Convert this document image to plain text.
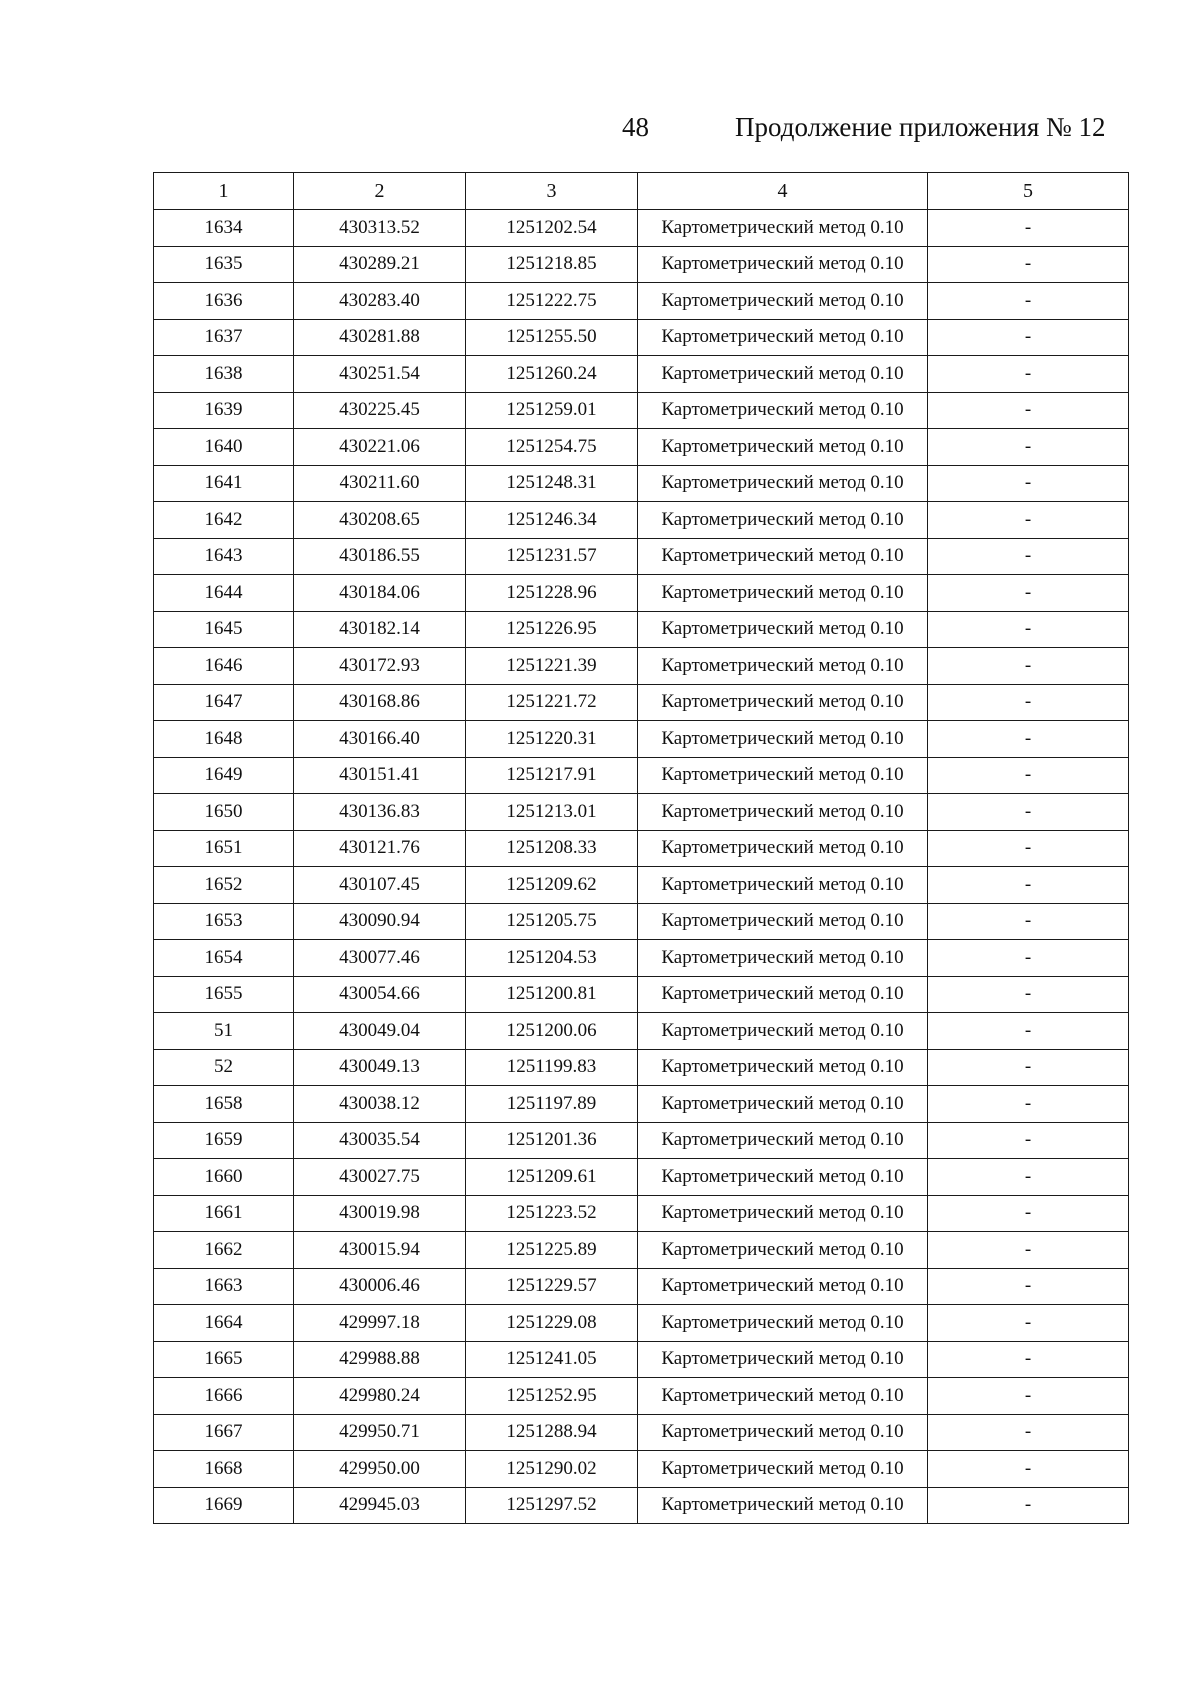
48	Продолжение приложения № 12
1	2	3	4	5
1634	430313.52	1251202.54	Картометрический метод 0.10	-
1635	430289.21	1251218.85	Картометрический метод 0.10	-
1636	430283.40	1251222.75	Картометрический метод 0.10	-
1637	430281.88	1251255.50	Картометрический метод 0.10	-
1638	430251.54	1251260.24	Картометрический метод 0.10	-
1639	430225.45	1251259.01	Картометрический метод 0.10	-
1640	430221.06	1251254.75	Картометрический метод 0.10	-
1641	430211.60	1251248.31	Картометрический метод 0.10	-
1642	430208.65	1251246.34	Картометрический метод 0.10	-
1643	430186.55	1251231.57	Картометрический метод 0.10	-
1644	430184.06	1251228.96	Картометрический метод 0.10	-
1645	430182.14	1251226.95	Картометрический метод 0.10	-
1646	430172.93	1251221.39	Картометрический метод 0.10	-
1647	430168.86	1251221.72	Картометрический метод 0.10	-
1648	430166.40	1251220.31	Картометрический метод 0.10	-
1649	430151.41	1251217.91	Картометрический метод 0.10	-
1650	430136.83	1251213.01	Картометрический метод 0.10	-
1651	430121.76	1251208.33	Картометрический метод 0.10	-
1652	430107.45	1251209.62	Картометрический метод 0.10	-
1653	430090.94	1251205.75	Картометрический метод 0.10	-
1654	430077.46	1251204.53	Картометрический метод 0.10	-
1655	430054.66	1251200.81	Картометрический метод 0.10	-
51	430049.04	1251200.06	Картометрический метод 0.10	-
52	430049.13	1251199.83	Картометрический метод 0.10	-
1658	430038.12	1251197.89	Картометрический метод 0.10	-
1659	430035.54	1251201.36	Картометрический метод 0.10	-
1660	430027.75	1251209.61	Картометрический метод 0.10	-
1661	430019.98	1251223.52	Картометрический метод 0.10	-
1662	430015.94	1251225.89	Картометрический метод 0.10	-
1663	430006.46	1251229.57	Картометрический метод 0.10	-
1664	429997.18	1251229.08	Картометрический метод 0.10	-
1665	429988.88	1251241.05	Картометрический метод 0.10	-
1666	429980.24	1251252.95	Картометрический метод 0.10	-
1667	429950.71	1251288.94	Картометрический метод 0.10	-
1668	429950.00	1251290.02	Картометрический метод 0.10	-
1669	429945.03	1251297.52	Картометрический метод 0.10	-
